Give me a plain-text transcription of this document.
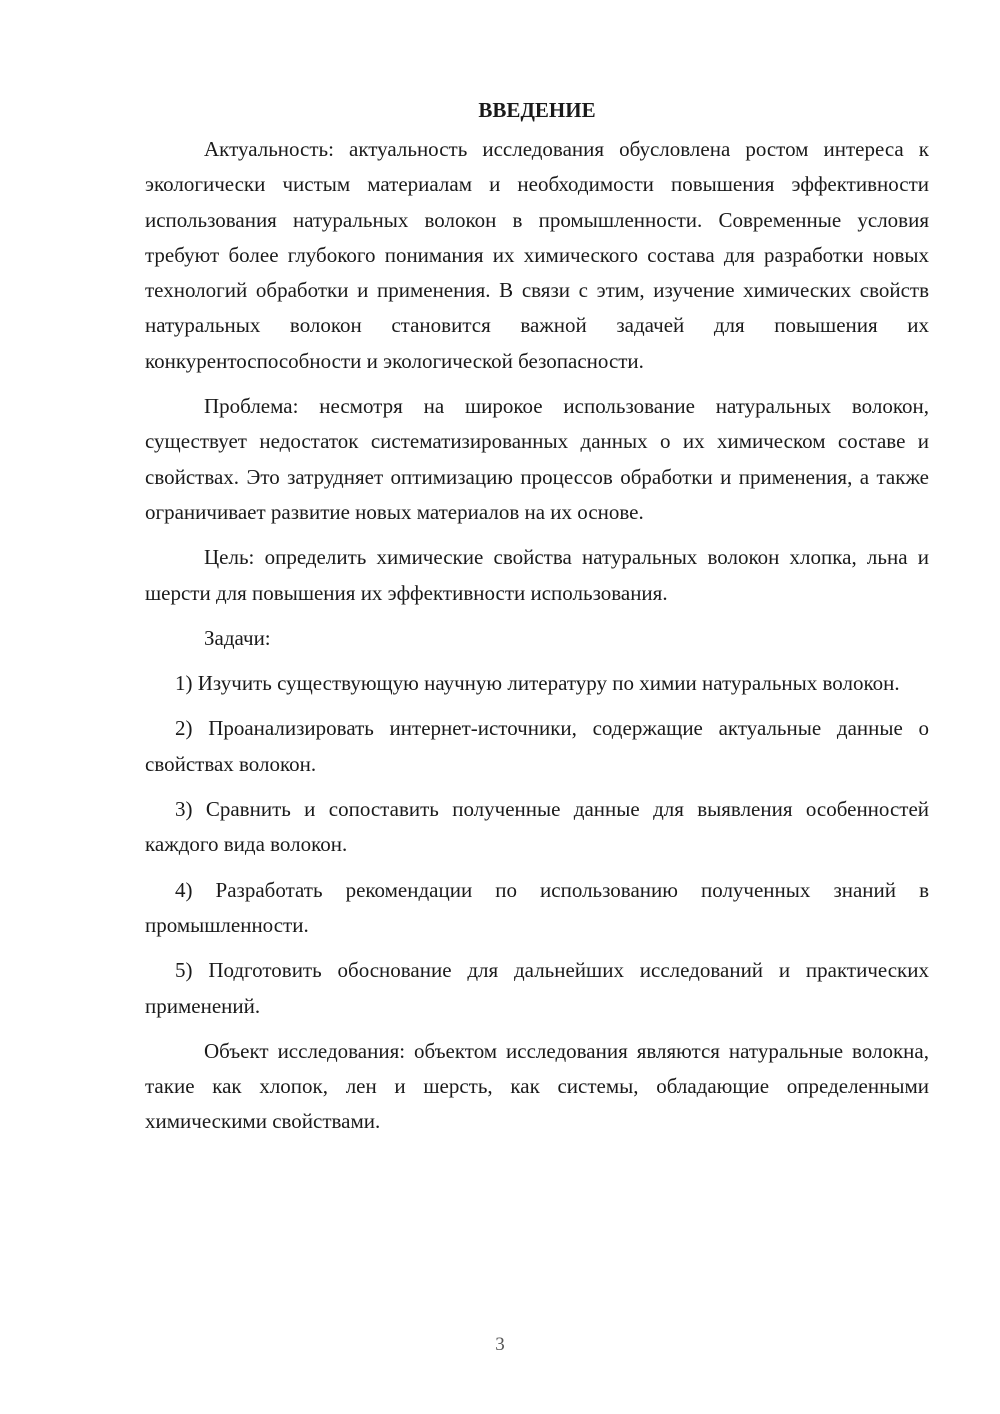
ВВЕДЕНИЕ

Актуальность: актуальность исследования обусловлена ростом интереса к экологически чистым материалам и необходимости повышения эффективности использования натуральных волокон в промышленности. Современные условия требуют более глубокого понимания их химического состава для разработки новых технологий обработки и применения. В связи с этим, изучение химических свойств натуральных волокон становится важной задачей для повышения их конкурентоспособности и экологической безопасности.

Проблема: несмотря на широкое использование натуральных волокон, существует недостаток систематизированных данных о их химическом составе и свойствах. Это затрудняет оптимизацию процессов обработки и применения, а также ограничивает развитие новых материалов на их основе.

Цель: определить химические свойства натуральных волокон хлопка, льна и шерсти для повышения их эффективности использования.

Задачи:

1) Изучить существующую научную литературу по химии натуральных волокон.

2) Проанализировать интернет-источники, содержащие актуальные данные о свойствах волокон.

3) Сравнить и сопоставить полученные данные для выявления особенностей каждого вида волокон.

4) Разработать рекомендации по использованию полученных знаний в промышленности.

5) Подготовить обоснование для дальнейших исследований и практических применений.

Объект исследования: объектом исследования являются натуральные волокна, такие как хлопок, лен и шерсть, как системы, обладающие определенными химическими свойствами.

3
